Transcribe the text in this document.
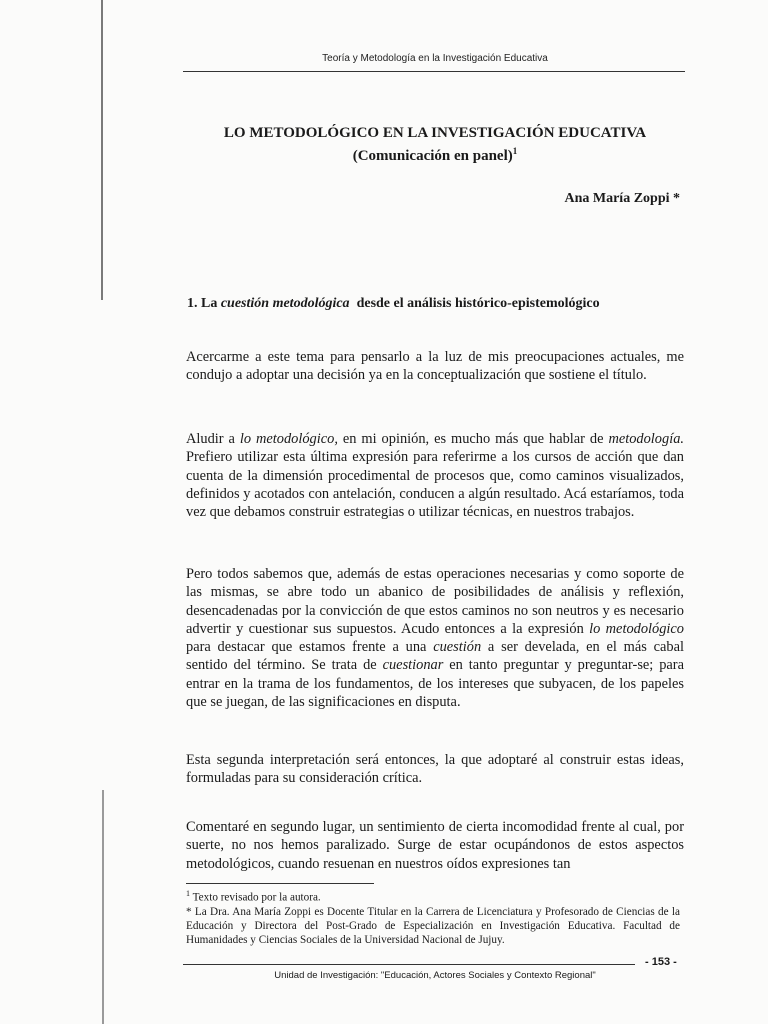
Teoría y Metodología en la Investigación Educativa
LO METODOLÓGICO EN LA INVESTIGACIÓN EDUCATIVA
(Comunicación en panel)$^1$
Ana María Zoppi *
1. La cuestión metodológica  desde el análisis histórico-epistemológico
Acercarme a este tema para pensarlo a la luz de mis preocupaciones actuales, me condujo a adoptar una decisión ya en la conceptualización que sostiene el título.
Aludir a lo metodológico, en mi opinión, es mucho más que hablar de metodología. Prefiero utilizar esta última expresión para referirme a los cursos de acción que dan cuenta de la dimensión procedimental de procesos que, como caminos visualizados, definidos y acotados con antelación, conducen a algún resultado. Acá estaríamos, toda vez que debamos construir estrategias o utilizar técnicas, en nuestros trabajos.
Pero todos sabemos que, además de estas operaciones necesarias y como soporte de las mismas, se abre todo un abanico de posibilidades de análisis y reflexión, desencadenadas por la convicción de que estos caminos no son neutros y es necesario advertir y cuestionar sus supuestos. Acudo entonces a la expresión lo metodológico para destacar que estamos frente a una cuestión a ser develada, en el más cabal sentido del término. Se trata de cuestionar en tanto preguntar y preguntar-se; para entrar en la trama de los fundamentos, de los intereses que subyacen, de los papeles que se juegan, de las significaciones en disputa.
Esta segunda interpretación será entonces, la que adoptaré al construir estas ideas, formuladas para su consideración crítica.
Comentaré en segundo lugar, un sentimiento de cierta incomodidad frente al cual, por suerte, no nos hemos paralizado. Surge de estar ocupándonos de estos aspectos metodológicos, cuando resuenan en nuestros oídos expresiones tan
$^1$ Texto revisado por la autora.
* La Dra. Ana María Zoppi es Docente Titular en la Carrera de Licenciatura y Profesorado de Ciencias de la Educación y Directora del Post-Grado de Especialización en Investigación Educativa. Facultad de Humanidades y Ciencias Sociales de la Universidad Nacional de Jujuy.
- 153 -
Unidad de Investigación: "Educación, Actores Sociales y Contexto Regional"
